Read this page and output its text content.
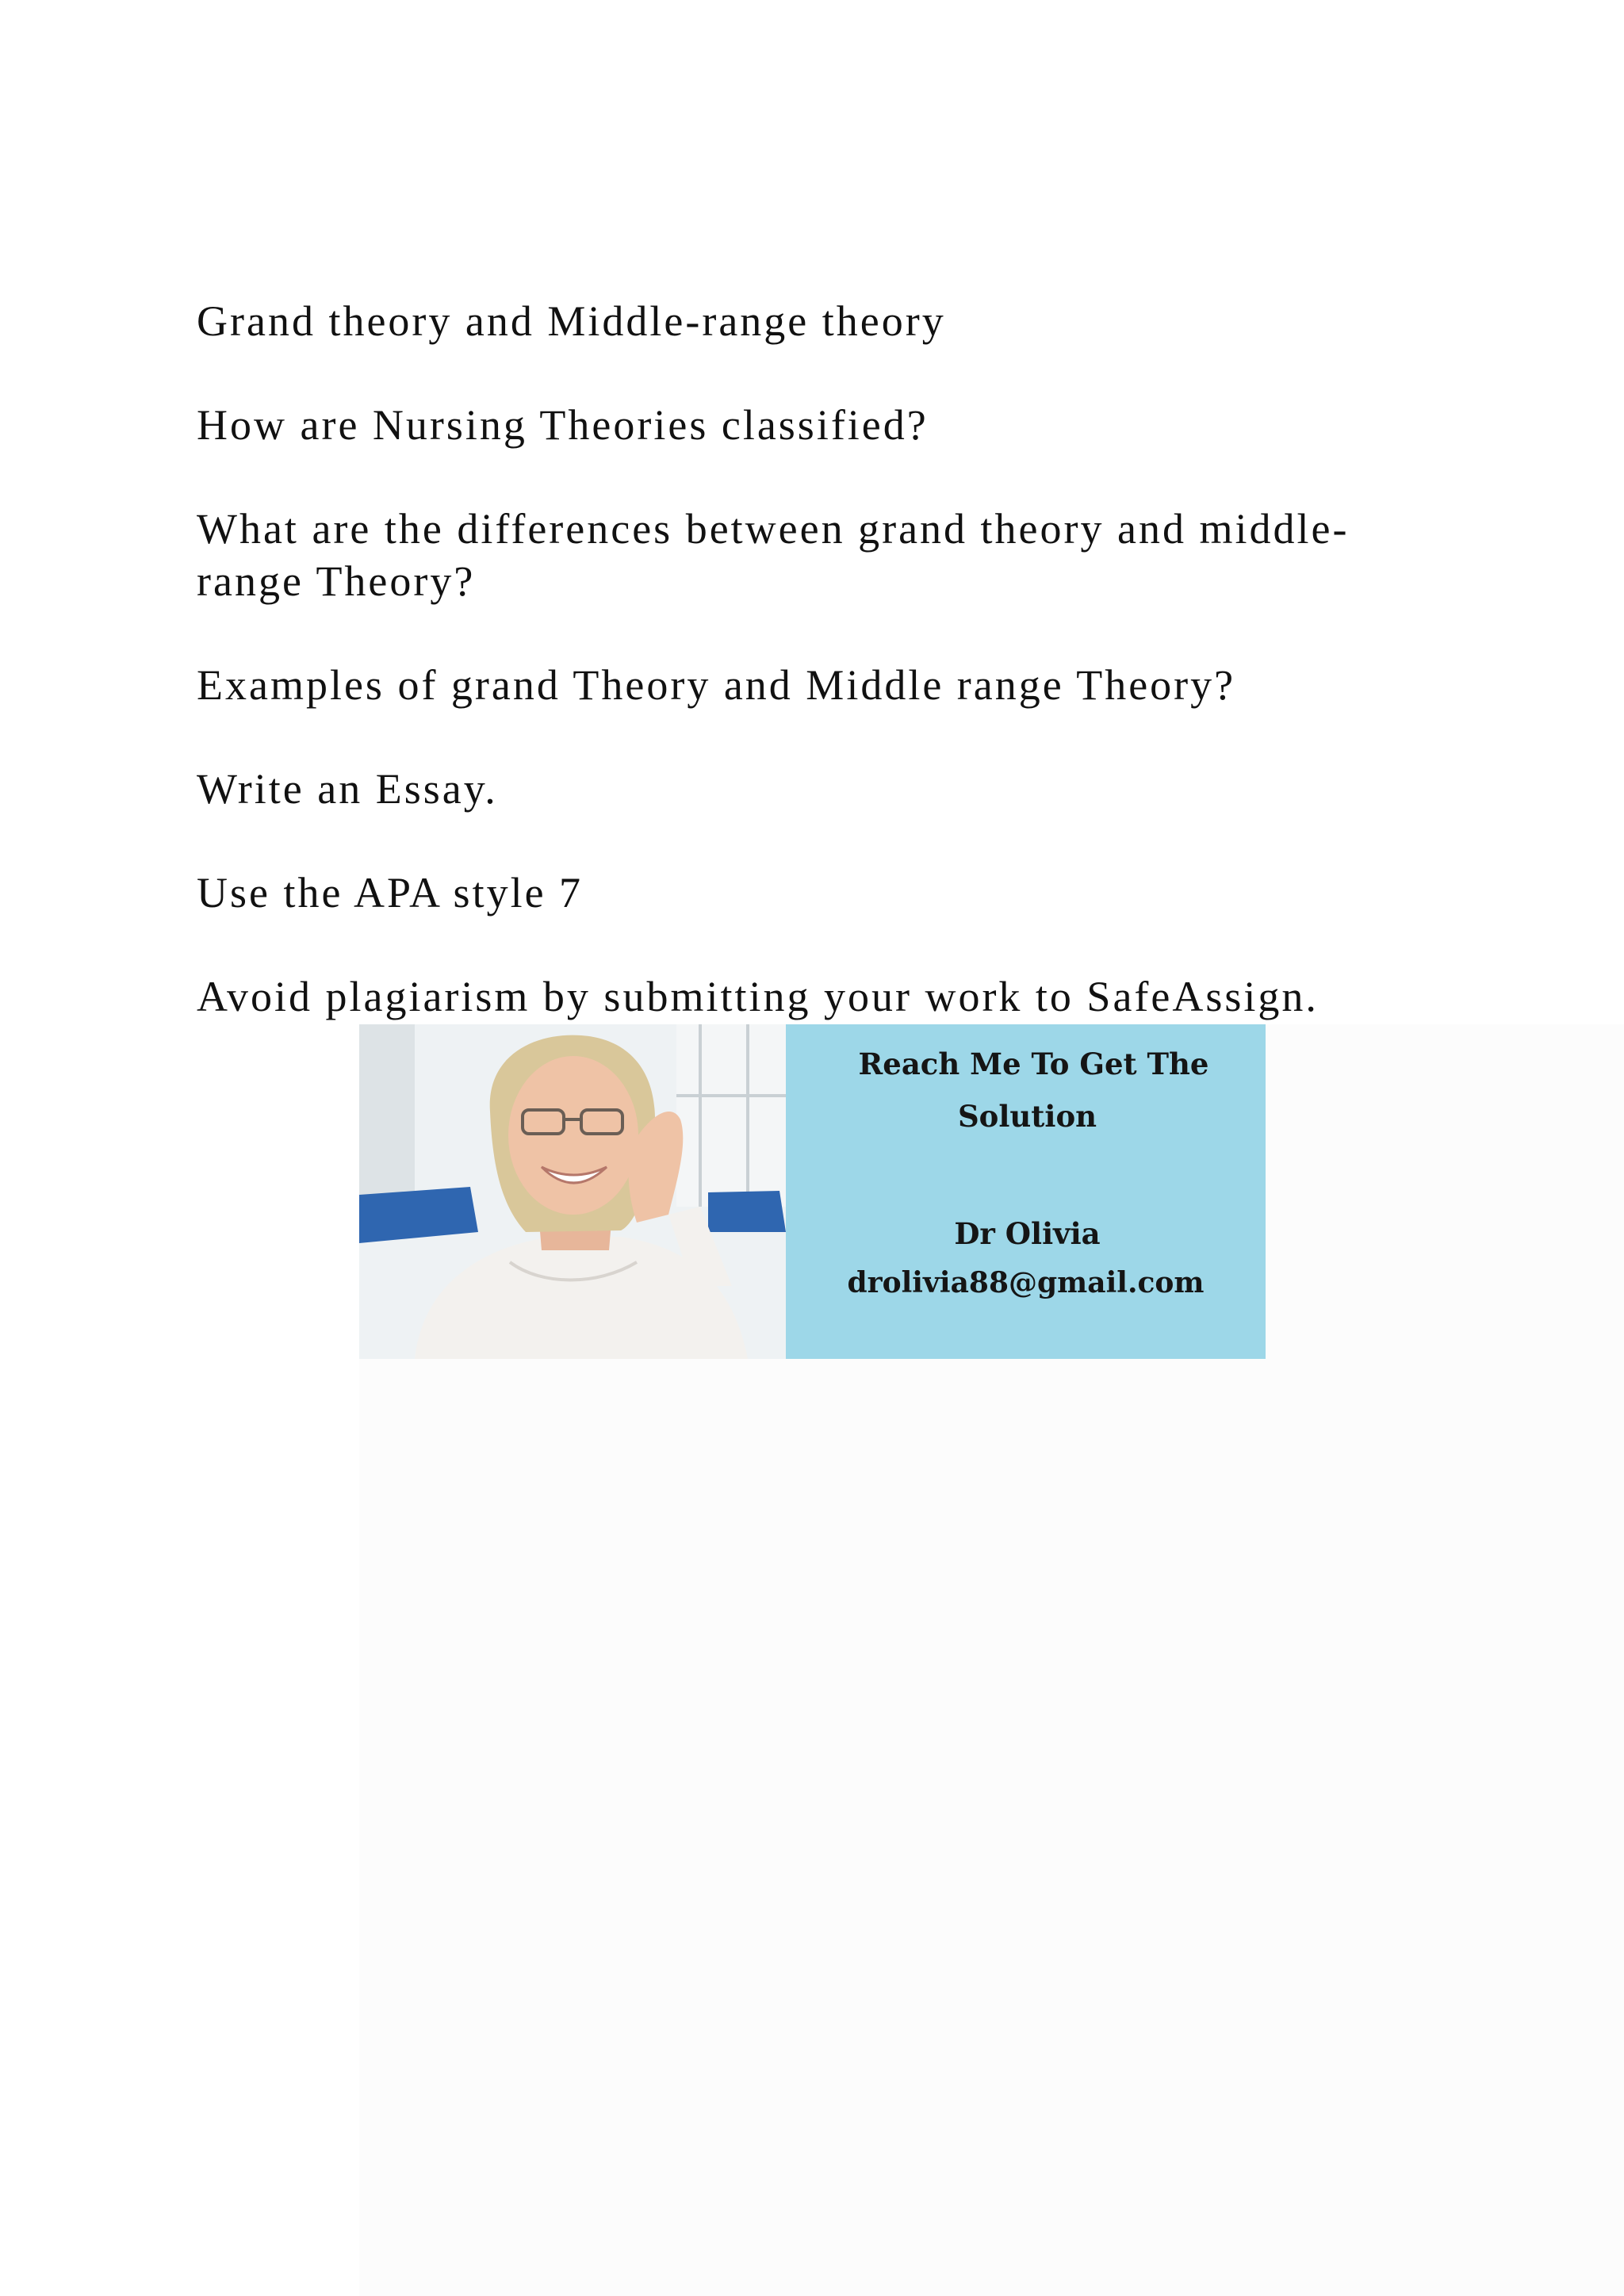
Grand theory and Middle-range theory

How are Nursing Theories classified?

What are the differences between grand theory and middle-
range Theory?

Examples of grand Theory and Middle range Theory?

Write an Essay.

Use the APA style 7

Avoid plagiarism by submitting your work to SafeAssign.

Reach Me To Get The
Solution
Dr Olivia
drolivia88@gmail.com
